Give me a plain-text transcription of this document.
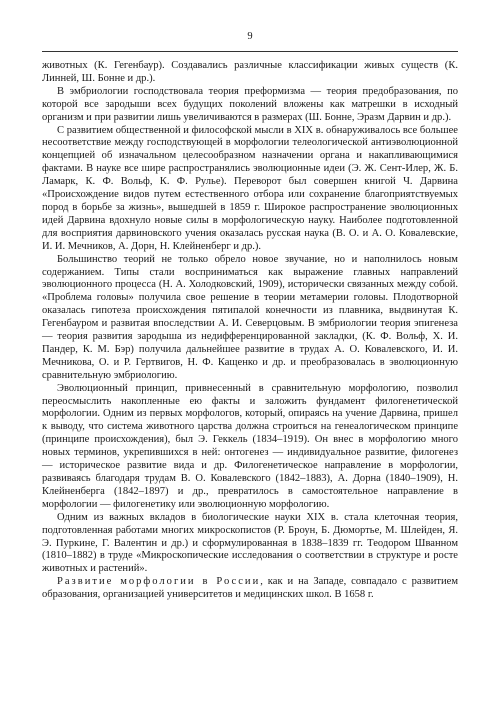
9

животных (К. Гегенбаур). Создавались различные классификации живых существ (К. Линней, Ш. Бонне и др.).

В эмбриологии господствовала теория преформизма — теория предобразования, по которой все зародыши всех будущих поколений вложены как матрешки в исходный организм и при развитии лишь увеличиваются в размерах (Ш. Бонне, Эразм Дарвин и др.).

С развитием общественной и философской мысли в XIX в. обнаруживалось все большее несоответствие между господствующей в морфологии телеологической антиэволюционной концепцией об изначальном целесообразном назначении органа и накапливающимися фактами. В науке все шире распространялись эволюционные идеи (Э. Ж. Сент-Илер, Ж. Б. Ламарк, К. Ф. Вольф, К. Ф. Рулье). Переворот был совершен книгой Ч. Дарвина «Происхождение видов путем естественного отбора или сохранение благоприятствуемых пород в борьбе за жизнь», вышедшей в 1859 г. Широкое распространение эволюционных идей Дарвина вдохнуло новые силы в морфологическую науку. Наиболее подготовленной для восприятия дарвиновского учения оказалась русская наука (В. О. и А. О. Ковалевские, И. И. Мечников, А. Дорн, Н. Клейненберг и др.).

Большинство теорий не только обрело новое звучание, но и наполнилось новым содержанием. Типы стали восприниматься как выражение главных направлений эволюционного процесса (Н. А. Холодковский, 1909), исторически связанных между собой. «Проблема головы» получила свое решение в теории метамерии головы. Плодотворной оказалась гипотеза происхождения пятипалой конечности из плавника, выдвинутая К. Гегенбауром и развитая впоследствии А. И. Северцовым. В эмбриологии теория эпигенеза — теория развития зародыша из недифференцированной закладки, (К. Ф. Вольф, Х. И. Пандер, К. М. Бэр) получила дальнейшее развитие в трудах А. О. Ковалевского, И. И. Мечникова, О. и Р. Гертвигов, Н. Ф. Кащенко и др. и преобразовалась в эволюционную сравнительную эмбриологию.

Эволюционный принцип, привнесенный в сравнительную морфологию, позволил переосмыслить накопленные ею факты и заложить фундамент филогенетической морфологии. Одним из первых морфологов, который, опираясь на учение Дарвина, пришел к выводу, что система животного царства должна строиться на генеалогическом принципе (принципе происхождения), был Э. Геккель (1834–1919). Он внес в морфологию много новых терминов, укрепившихся в ней: онтогенез — индивидуальное развитие, филогенез — историческое развитие вида и др. Филогенетическое направление в морфологии, развиваясь благодаря трудам В. О. Ковалевского (1842–1883), А. Дорна (1840–1909), Н. Клейненберга (1842–1897) и др., превратилось в самостоятельное направление в морфологии — филогенетику или эволюционную морфологию.

Одним из важных вкладов в биологические науки XIX в. стала клеточная теория, подготовленная работами многих микроскопистов (Р. Броун, Б. Дюмортье, М. Шлейден, Я. Э. Пуркине, Г. Валентин и др.) и сформулированная в 1838–1839 гг. Теодором Шванном (1810–1882) в труде «Микроскопические исследования о соответствии в структуре и росте животных и растений».

Развитие морфологии в России, как и на Западе, совпадало с развитием образования, организацией университетов и медицинских школ. В 1658 г.
